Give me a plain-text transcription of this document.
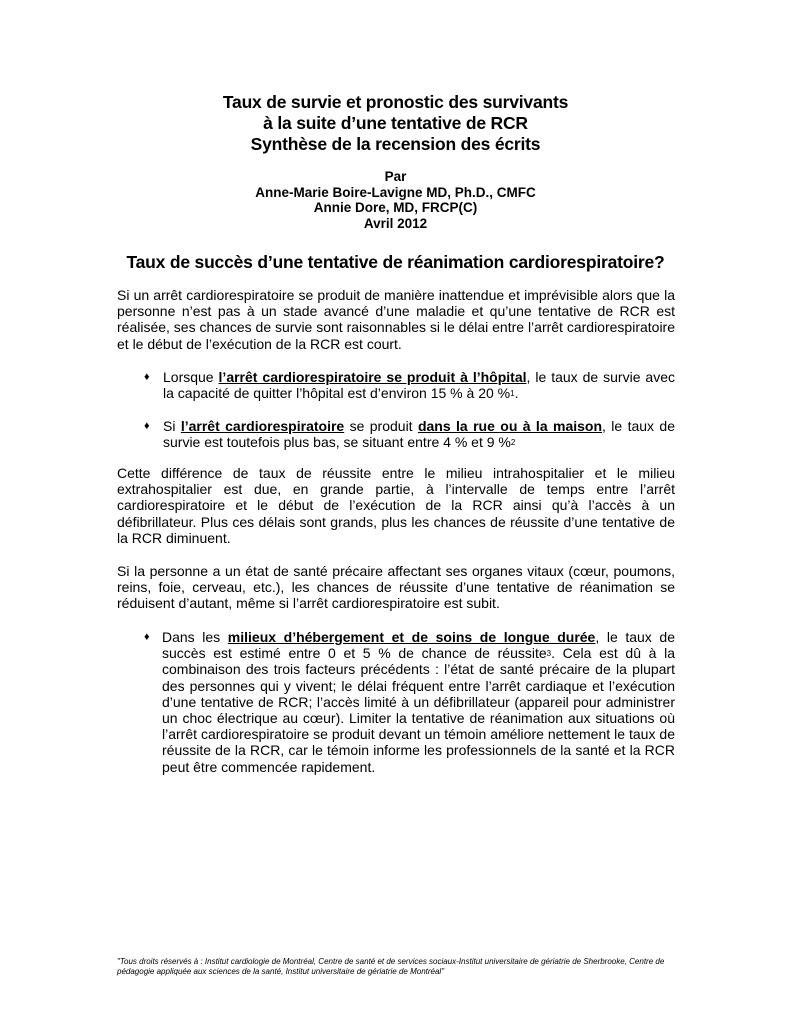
Taux de survie et pronostic des survivants
à la suite d’une tentative de RCR
Synthèse de la recension des écrits
Par
Anne-Marie Boire-Lavigne MD, Ph.D., CMFC
Annie Dore, MD, FRCP(C)
Avril 2012
Taux de succès d’une tentative de réanimation cardiorespiratoire?
Si un arrêt cardiorespiratoire se produit de manière inattendue et imprévisible alors que la personne n’est pas à un stade avancé d’une maladie et qu’une tentative de RCR est réalisée, ses chances de survie sont raisonnables si le délai entre l’arrêt cardiorespiratoire et le début de l’exécution de la RCR est court.
♦ Lorsque l’arrêt cardiorespiratoire se produit à l’hôpital, le taux de survie avec la capacité de quitter l’hôpital est d’environ 15 % à 20 %$^1$.
♦ Si l’arrêt cardiorespiratoire se produit dans la rue ou à la maison, le taux de survie est toutefois plus bas, se situant entre 4 % et 9 %$^2$
Cette différence de taux de réussite entre le milieu intrahospitalier et le milieu extrahospitalier est due, en grande partie, à l’intervalle de temps entre l’arrêt cardiorespiratoire et le début de l’exécution de la RCR ainsi qu’à l’accès à un défibrillateur. Plus ces délais sont grands, plus les chances de réussite d’une tentative de la RCR diminuent.
Si la personne a un état de santé précaire affectant ses organes vitaux (cœur, poumons, reins, foie, cerveau, etc.), les chances de réussite d’une tentative de réanimation se réduisent d’autant, même si l’arrêt cardiorespiratoire est subit.
♦ Dans les milieux d’hébergement et de soins de longue durée, le taux de succès est estimé entre 0 et 5 % de chance de réussite$^3$. Cela est dû à la combinaison des trois facteurs précédents : l’état de santé précaire de la plupart des personnes qui y vivent; le délai fréquent entre l’arrêt cardiaque et l’exécution d’une tentative de RCR; l’accès limité à un défibrillateur (appareil pour administrer un choc électrique au cœur). Limiter la tentative de réanimation aux situations où l’arrêt cardiorespiratoire se produit devant un témoin améliore nettement le taux de réussite de la RCR, car le témoin informe les professionnels de la santé et la RCR peut être commencée rapidement.
"Tous droits réservés à : Institut cardiologie de Montréal, Centre de santé et de services sociaux-Institut universitaire de gériatrie de Sherbrooke, Centre de pédagogie appliquée aux sciences de la santé, Institut universitaire de gériatrie de Montréal"
